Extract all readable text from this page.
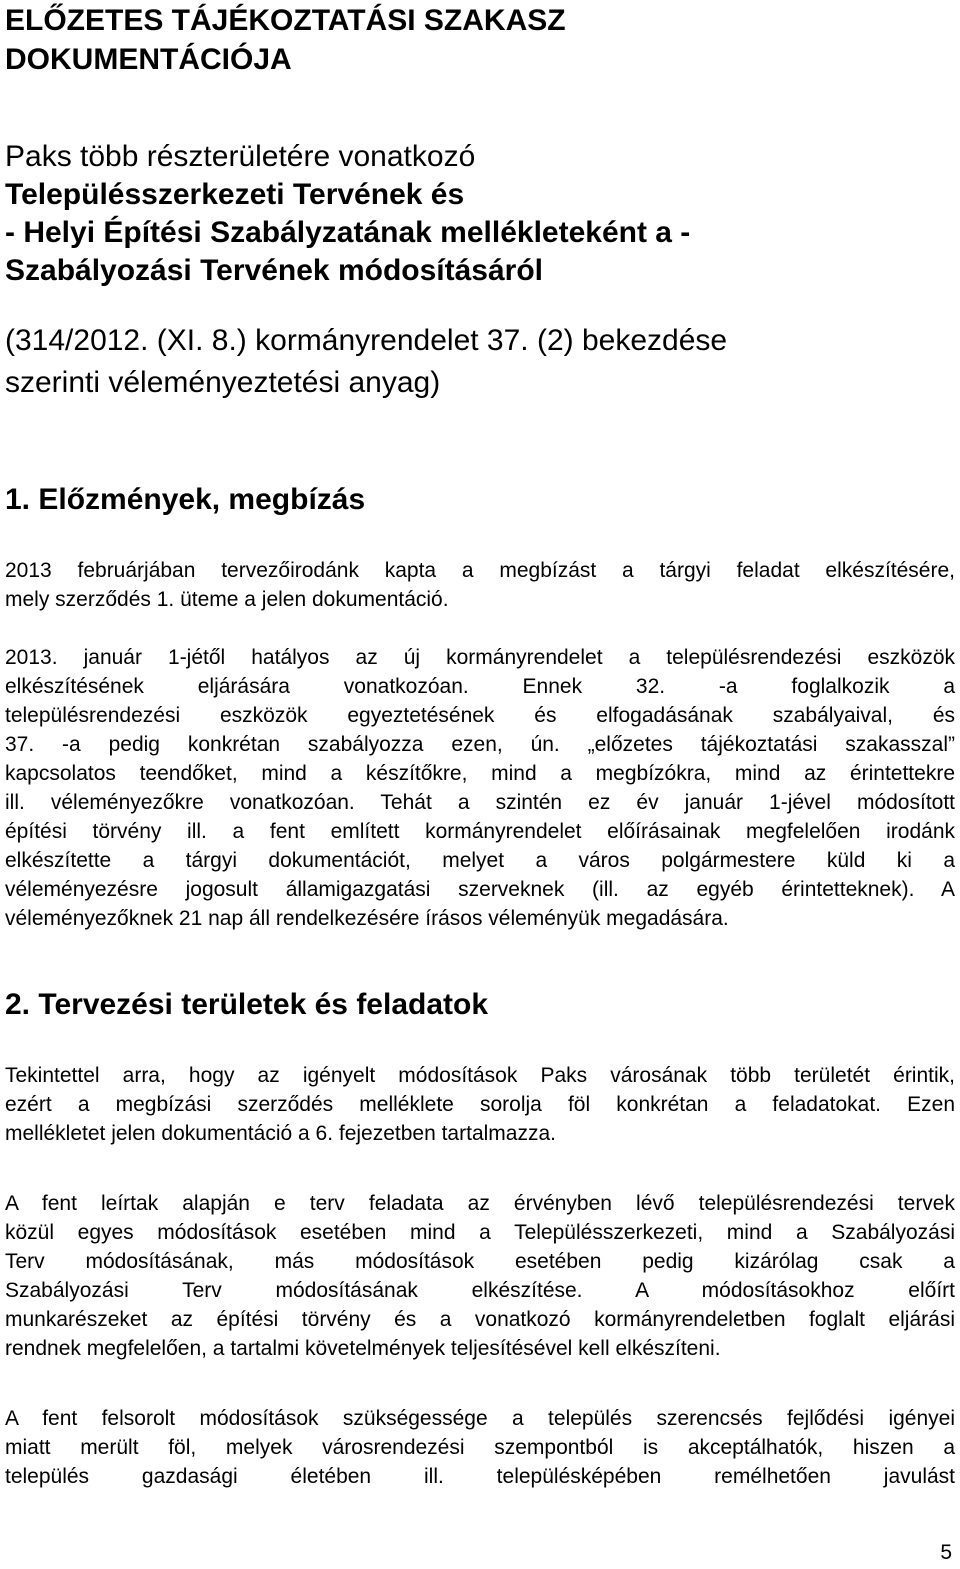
ELŐZETES TÁJÉKOZTATÁSI SZAKASZ
DOKUMENTÁCIÓJA

Paks több részterületére vonatkozó

Településszerkezeti Tervének és

- Helyi Építési Szabályzatának mellékleteként a -

Szabályozási Tervének módosításáról

(314/2012. (XI. 8.) kormányrendelet 37. (2) bekezdése

szerinti véleményeztetési anyag)

1. Előzmények, megbízás
2013 februárjában tervezőirodánk kapta a megbízást a tárgyi feladat elkészítésére,
mely szerződés 1. üteme a jelen dokumentáció.
2013. január 1-jétől hatályos az új kormányrendelet a településrendezési eszközök
elkészítésének eljárására vonatkozóan. Ennek 32. -a foglalkozik a
településrendezési eszközök egyeztetésének és elfogadásának szabályaival, és
37. -a pedig konkrétan szabályozza ezen, ún. „előzetes tájékoztatási szakasszal”
kapcsolatos teendőket, mind a készítőkre, mind a megbízókra, mind az érintettekre
ill. véleményezőkre vonatkozóan. Tehát a szintén ez év január 1-jével módosított
építési törvény ill. a fent említett kormányrendelet előírásainak megfelelően irodánk
elkészítette a tárgyi dokumentációt, melyet a város polgármestere küld ki a
véleményezésre jogosult államigazgatási szerveknek (ill. az egyéb érintetteknek). A
véleményezőknek 21 nap áll rendelkezésére írásos véleményük megadására.
2. Tervezési területek és feladatok
Tekintettel arra, hogy az igényelt módosítások Paks városának több területét érintik,
ezért a megbízási szerződés melléklete sorolja föl konkrétan a feladatokat. Ezen
mellékletet jelen dokumentáció a 6. fejezetben tartalmazza.
A fent leírtak alapján e terv feladata az érvényben lévő településrendezési tervek
közül egyes módosítások esetében mind a Településszerkezeti, mind a Szabályozási
Terv módosításának, más módosítások esetében pedig kizárólag csak a
Szabályozási Terv módosításának elkészítése. A módosításokhoz előírt
munkarészeket az építési törvény és a vonatkozó kormányrendeletben foglalt eljárási
rendnek megfelelően, a tartalmi követelmények teljesítésével kell elkészíteni.
A fent felsorolt módosítások szükségessége a település szerencsés fejlődési igényei
miatt merült föl, melyek városrendezési szempontból is akceptálhatók, hiszen a
település gazdasági életében ill. településképében remélhetően javulást
5
